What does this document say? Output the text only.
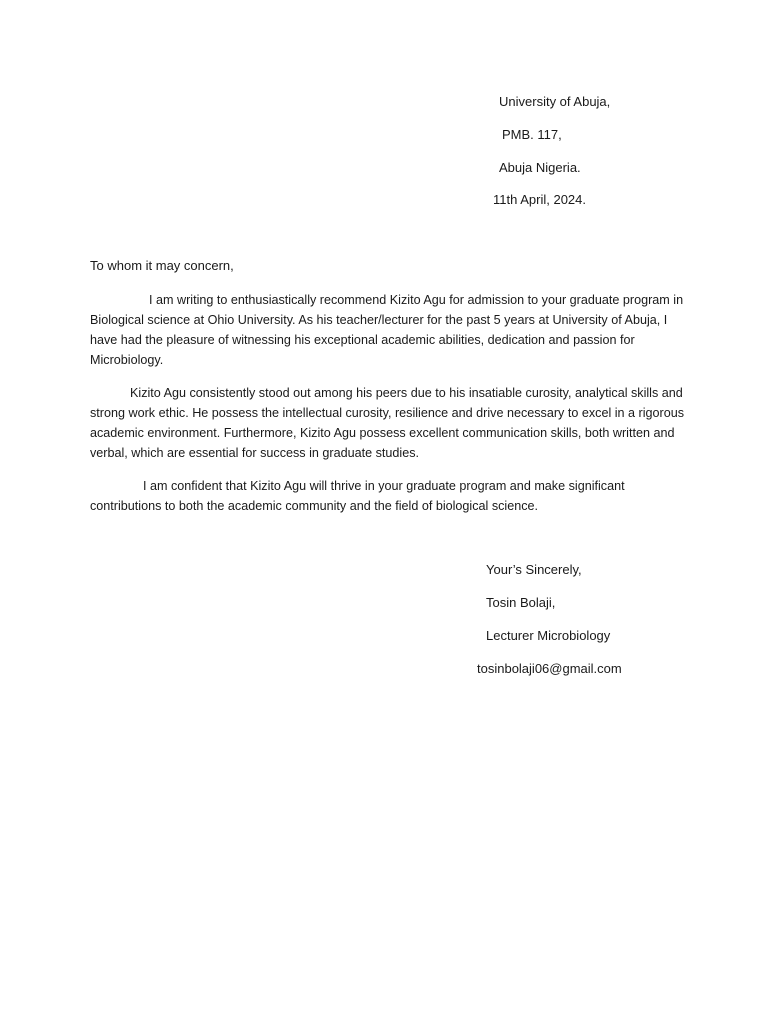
University of Abuja,
PMB. 117,
Abuja Nigeria.
11th April, 2024.
To whom it may concern,

I am writing to enthusiastically recommend Kizito Agu for admission to your graduate program in Biological science at Ohio University. As his teacher/lecturer for the past 5 years at University of Abuja, I have had the pleasure of witnessing his exceptional academic abilities, dedication and passion for Microbiology.

Kizito Agu consistently stood out among his peers due to his insatiable curosity, analytical skills and strong work ethic. He possess the intellectual curosity, resilience and drive necessary to excel in a rigorous academic environment. Furthermore, Kizito Agu possess excellent communication skills, both written and verbal, which are essential for success in graduate studies.

I am confident that Kizito Agu will thrive in your graduate program and make significant contributions to both the academic community and the field of biological science.

Your’s Sincerely,
Tosin Bolaji,
Lecturer Microbiology
tosinbolaji06@gmail.com
